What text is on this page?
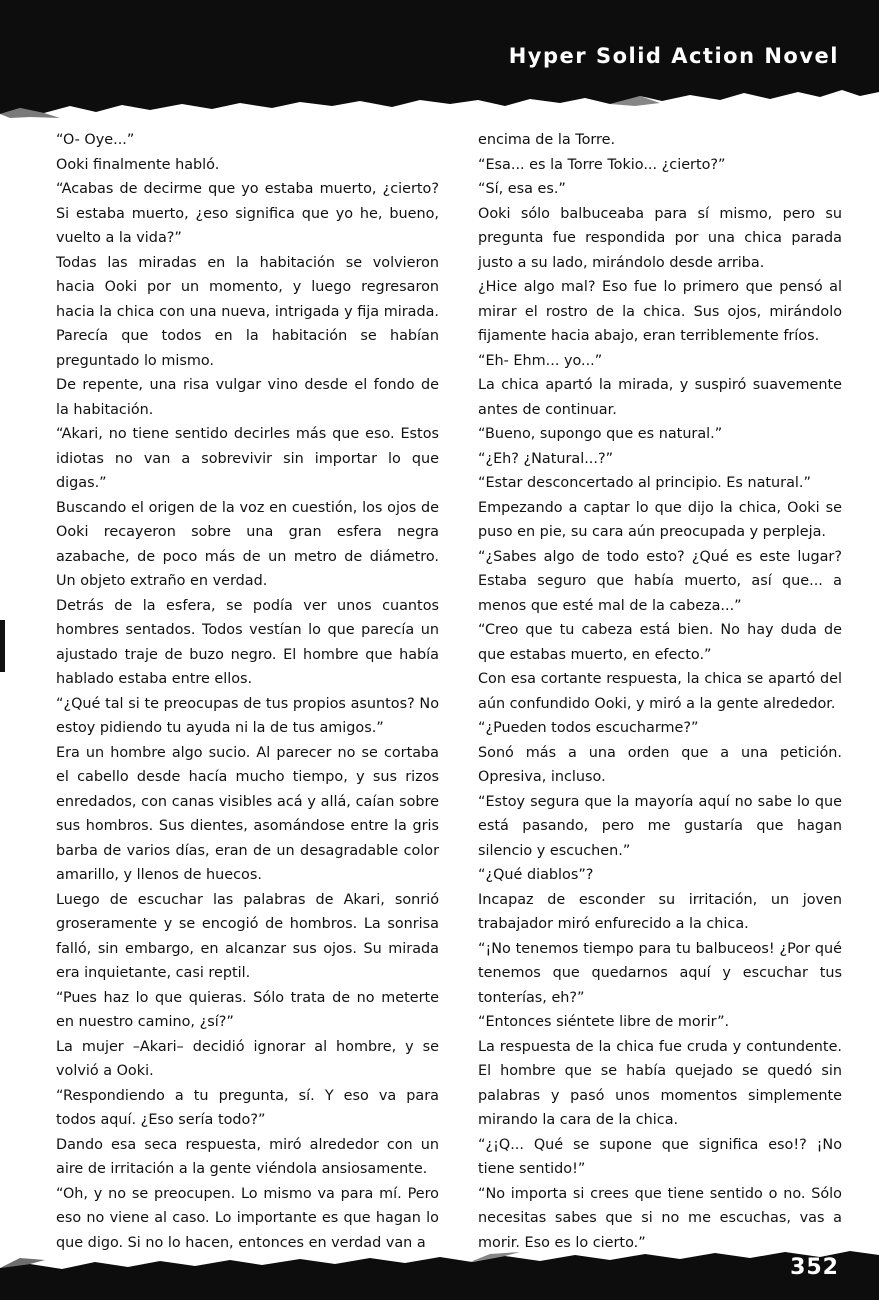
Hyper Solid Action Novel

“O- Oye...”

Ooki finalmente habló.

“Acabas de decirme que yo estaba muerto, ¿cierto? Si estaba muerto, ¿eso significa que yo he, bueno, vuelto a la vida?”

Todas las miradas en la habitación se volvieron hacia Ooki por un momento, y luego regresaron hacia la chica con una nueva, intrigada y fija mirada. Parecía que todos en la habitación se habían preguntado lo mismo.

De repente, una risa vulgar vino desde el fondo de la habitación.

“Akari, no tiene sentido decirles más que eso. Estos idiotas no van a sobrevivir sin importar lo que digas.”

Buscando el origen de la voz en cuestión, los ojos de Ooki recayeron sobre una gran esfera negra azabache, de poco más de un metro de diámetro. Un objeto extraño en verdad.

Detrás de la esfera, se podía ver unos cuantos hombres sentados. Todos vestían lo que parecía un ajustado traje de buzo negro. El hombre que había hablado estaba entre ellos.

“¿Qué tal si te preocupas de tus propios asuntos? No estoy pidiendo tu ayuda ni la de tus amigos.”

Era un hombre algo sucio. Al parecer no se cortaba el cabello desde hacía mucho tiempo, y sus rizos enredados, con canas visibles acá y allá, caían sobre sus hombros. Sus dientes, asomándose entre la gris barba de varios días, eran de un desagradable color amarillo, y llenos de huecos.

Luego de escuchar las palabras de Akari, sonrió groseramente y se encogió de hombros. La sonrisa falló, sin embargo, en alcanzar sus ojos. Su mirada era inquietante, casi reptil.

“Pues haz lo que quieras. Sólo trata de no meterte en nuestro camino, ¿sí?”

La mujer –Akari– decidió ignorar al hombre, y se volvió a Ooki.

“Respondiendo a tu pregunta, sí. Y eso va para todos aquí. ¿Eso sería todo?”

Dando esa seca respuesta, miró alrededor con un aire de irritación a la gente viéndola ansiosamente.

“Oh, y no se preocupen. Lo mismo va para mí. Pero eso no viene al caso. Lo importante es que hagan lo que digo. Si no lo hacen, entonces en verdad van a

encima de la Torre.

“Esa... es la Torre Tokio... ¿cierto?”

“Sí, esa es.”

Ooki sólo balbuceaba para sí mismo, pero su pregunta fue respondida por una chica parada justo a su lado, mirándolo desde arriba.

¿Hice algo mal? Eso fue lo primero que pensó al mirar el rostro de la chica. Sus ojos, mirándolo fijamente hacia abajo, eran terriblemente fríos.

“Eh- Ehm... yo...”

La chica apartó la mirada, y suspiró suavemente antes de continuar.

“Bueno, supongo que es natural.”

“¿Eh? ¿Natural...?”

“Estar desconcertado al principio. Es natural.”

Empezando a captar lo que dijo la chica, Ooki se puso en pie, su cara aún preocupada y perpleja.

“¿Sabes algo de todo esto? ¿Qué es este lugar? Estaba seguro que había muerto, así que... a menos que esté mal de la cabeza...”

“Creo que tu cabeza está bien. No hay duda de que estabas muerto, en efecto.”

Con esa cortante respuesta, la chica se apartó del aún confundido Ooki, y miró a la gente alrededor.

“¿Pueden todos escucharme?”

Sonó más a una orden que a una petición. Opresiva, incluso.

“Estoy segura que la mayoría aquí no sabe lo que está pasando, pero me gustaría que hagan silencio y escuchen.”

“¿Qué diablos”?

Incapaz de esconder su irritación, un joven trabajador miró enfurecido a la chica.

“¡No tenemos tiempo para tu balbuceos! ¿Por qué tenemos que quedarnos aquí y escuchar tus tonterías, eh?”

“Entonces siéntete libre de morir”.

La respuesta de la chica fue cruda y contundente. El hombre que se había quejado se quedó sin palabras y pasó unos momentos simplemente mirando la cara de la chica.

“¿¡Q... Qué se supone que significa eso!? ¡No tiene sentido!”

“No importa si crees que tiene sentido o no. Sólo necesitas sabes que si no me escuchas, vas a morir. Eso es lo cierto.”

352
